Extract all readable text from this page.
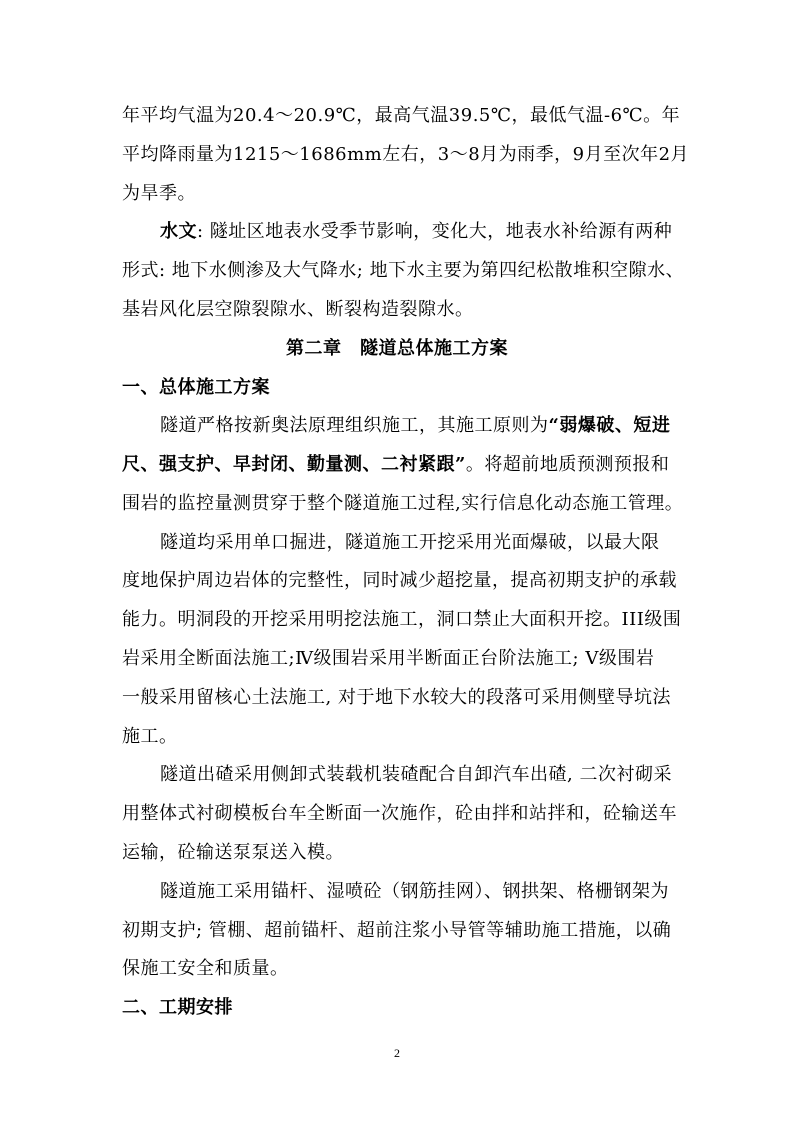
年平均气温为20.4～20.9℃，最高气温39.5℃，最低气温-6℃。年
平均降雨量为1215～1686mm左右，3～8月为雨季，9月至次年2月
为旱季。
水文: 隧址区地表水受季节影响，变化大，地表水补给源有两种
形式: 地下水侧渗及大气降水; 地下水主要为第四纪松散堆积空隙水、
基岩风化层空隙裂隙水、断裂构造裂隙水。
第二章　隧道总体施工方案
一、总体施工方案
隧道严格按新奥法原理组织施工，其施工原则为“弱爆破、短进
尺、强支护、早封闭、勤量测、二衬紧跟”。将超前地质预测预报和
围岩的监控量测贯穿于整个隧道施工过程,实行信息化动态施工管理。
隧道均采用单口掘进，隧道施工开挖采用光面爆破，以最大限
度地保护周边岩体的完整性，同时减少超挖量，提高初期支护的承载
能力。明洞段的开挖采用明挖法施工，洞口禁止大面积开挖。III级围
岩采用全断面法施工;Ⅳ级围岩采用半断面正台阶法施工; Ⅴ级围岩
一般采用留核心土法施工, 对于地下水较大的段落可采用侧壁导坑法
施工。
隧道出碴采用侧卸式装载机装碴配合自卸汽车出碴, 二次衬砌采
用整体式衬砌模板台车全断面一次施作，砼由拌和站拌和，砼输送车
运输，砼输送泵泵送入模。
隧道施工采用锚杆、湿喷砼（钢筋挂网）、钢拱架、格栅钢架为
初期支护; 管棚、超前锚杆、超前注浆小导管等辅助施工措施，以确
保施工安全和质量。
二、工期安排
2
